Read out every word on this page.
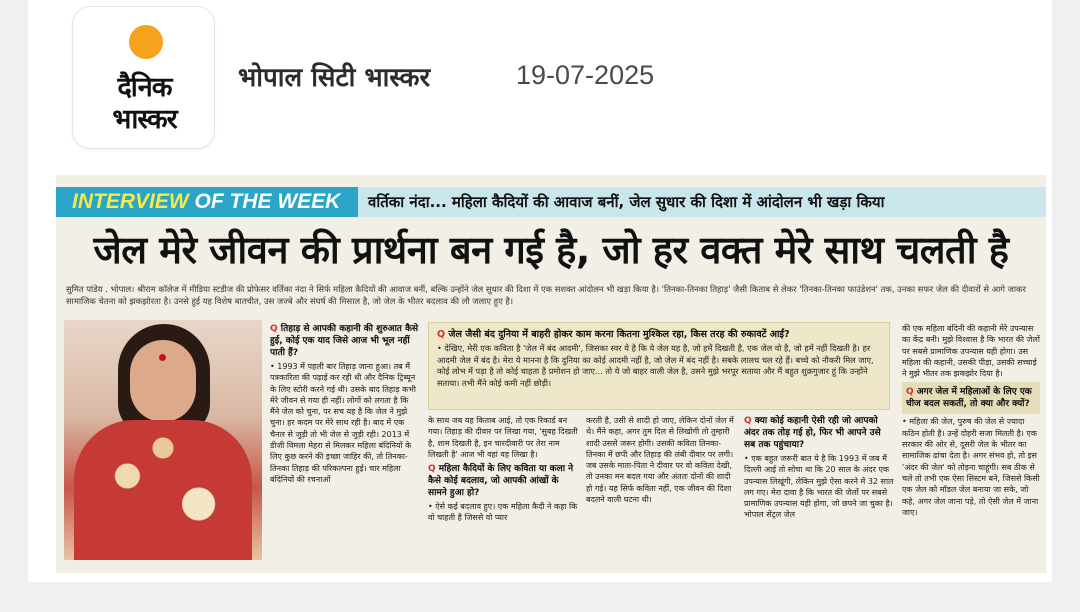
दैनिक
भास्कर
भोपाल सिटी भास्कर	19-07-2025
INTERVIEW OF THE WEEK	वर्तिका नंदा... महिला कैदियों की आवाज बनीं, जेल सुधार की दिशा में आंदोलन भी खड़ा किया
जेल मेरे जीवन की प्रार्थना बन गई है, जो हर वक्त मेरे साथ चलती है
सुमित पांडेय . भोपाल। श्रीराम कॉलेज में मीडिया स्टडीज की प्रोफेसर वर्तिका नंदा ने सिर्फ महिला कैदियों की आवाज बनीं, बल्कि उन्होंने जेल सुधार की दिशा में एक सशक्त आंदोलन भी खड़ा किया है। 'तिनका-तिनका तिहाड़' जैसी किताब से लेकर 'तिनका-तिनका फाउंडेशन' तक, उनका सफर जेल की दीवारों से आगे जाकर सामाजिक चेतना को झकझोरता है। उनसे हुई यह विशेष बातचीत, उस जज्बे और संघर्ष की मिसाल है, जो जेल के भीतर बदलाव की लौ जलाए हुए है।
Q तिहाड़ से आपकी कहानी की शुरुआत कैसे हुई, कोई एक याद जिसे आज भी भूल नहीं पाती हैं?
• 1993 में पहली बार तिहाड़ जाना हुआ। तब मैं पत्रकारिता की पढ़ाई कर रही थी और दैनिक ट्रिब्यून के लिए स्टोरी करने गई थी। उसके बाद तिहाड़ कभी मेरे जीवन से गया ही नहीं। लोगों को लगता है कि मैंने जेल को चुना, पर सच यह है कि जेल ने मुझे चुना। हर कदम पर मेरे साथ रही है। बाद में एक चैनल से जुड़ी तो भी जेल से जुड़ी रही। 2013 में डीजी विमला मेहरा से मिलकर महिला बंदिनियों के लिए कुछ करने की इच्छा जाहिर की, तो तिनका-तिनका तिहाड़ की परिकल्पना हुई। चार महिला बंदिनियों की रचनाओं
Q जेल जैसी बंद दुनिया में बाहरी होकर काम करना कितना मुश्किल रहा, किस तरह की रुकावटें आईं?

• देखिए, मेरी एक कविता है 'जेल में बंद आदमी', जिसका स्वर ये है कि ये जेल यह है, जो हमें दिखती है, एक जेल वो है, जो हमें नहीं दिखती है। हर आदमी जेल में बंद है। मेरा ये मानना है कि दुनिया का कोई आदमी नहीं है, जो जेल में बंद नहीं है। सबके लालच चल रहे हैं। बच्चे को नौकरी मिल जाए, कोई लोभ में पड़ा है तो कोई चाहता है प्रमोशन हो जाए... तो ये जो बाहर वाली जेल है, उसने मुझे भरपूर सताया और मैं बहुत शुक्रगुजार हूं कि उन्होंने सताया। तभी मैंने कोई कमी नहीं छोड़ी।

के साथ जब यह किताब आई, तो एक रिकार्ड बन गया। तिहाड़ की दीवार पर लिखा गया, 'सुबह दिखती है, शाम दिखती है, इन चारदीवारी पर तेरा नाम लिखती है' आज भी वहां वह लिखा है।
Q महिला कैदियों के लिए कविता या कला ने कैसे कोई बदलाव, जो आपकी आंखों के सामने हुआ हो?
• ऐसे कई बदलाव हुए। एक महिला कैदी ने कहा कि वो चाहती है जिससे वो प्यार
करती है, उसी से शादी हो जाए, लेकिन दोनों जेल में थे। मैंने कहा, अगर तुम दिल से लिखोगी तो तुम्हारी शादी उससे जरूर होगी। उसकी कविता तिनका-तिनका में छपी और तिहाड़ की लंबी दीवार पर लगी। जब उसके माता-पिता ने दीवार पर वो कविता देखी, तो उनका मन बदल गया और अंततः दोनों की शादी हो गई। यह सिर्फ कविता नहीं, एक जीवन की दिशा बदलने वाली घटना थी।
Q क्या कोई कहानी ऐसी रही जो आपको अंदर तक तोड़ गई हो, फिर भी आपने उसे सब तक पहुंचाया?
• एक बहुत जरूरी बात ये है कि 1993 में जब मैं दिल्ली आई तो सोचा था कि 20 साल के अंदर एक उपन्यास लिखूंगी, लेकिन मुझे ऐसा करने में 32 साल लग गए। मेरा दावा है कि भारत की जेलों पर सबसे प्रामाणिक उपन्यास यही होगा, जो छपने जा चुका है। भोपाल सेंट्रल जेल
की एक महिला बंदिनी की कहानी मेरे उपन्यास का केंद्र बनी। मुझे विश्वास है कि भारत की जेलों पर सबसे प्रामाणिक उपन्यास यही होगा। उस महिला की कहानी, उसकी पीड़ा, उसकी सच्चाई ने मुझे भीतर तक झकझोर दिया है।
Q अगर जेल में महिलाओं के लिए एक चीज बदल सकतीं, तो क्या और क्यों?
• महिला की जेल, पुरुष की जेल से ज्यादा कठिन होती है। उन्हें दोहरी सजा मिलती है। एक सरकार की ओर से, दूसरी जेल के भीतर का सामाजिक ढांचा देता है। अगर संभव हो, तो इस 'अंदर की जेल' को तोड़ना चाहूंगी। सब ठीक से चले तो तभी एक ऐसा सिस्टम बने, जिससे किसी एक जेल को मॉडल जेल बनाया जा सके, जो कहे, अगर जेल जाना पड़े, तो ऐसी जेल में जाना जाए।
